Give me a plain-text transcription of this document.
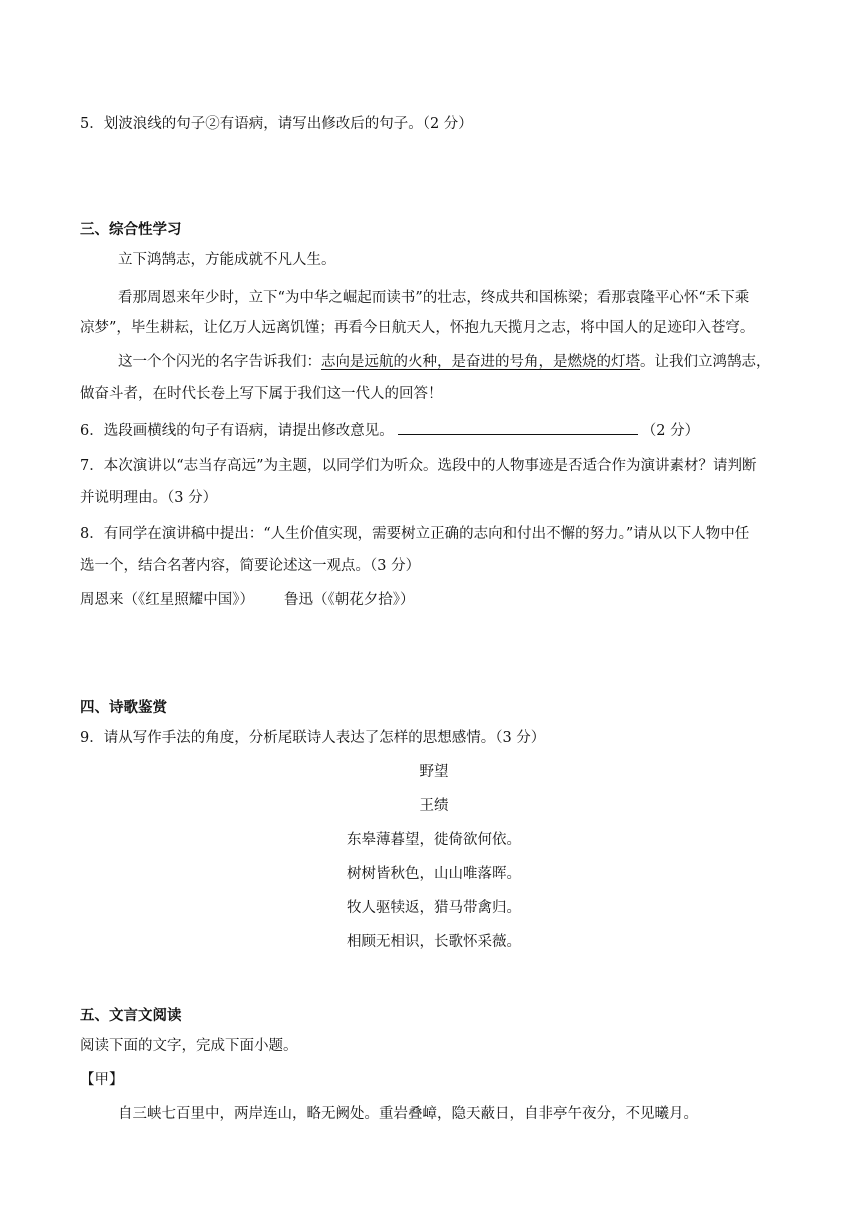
5．划波浪线的句子②有语病，请写出修改后的句子。（2 分）
三、综合性学习
立下鸿鹄志，方能成就不凡人生。
看那周恩来年少时，立下“为中华之崛起而读书”的壮志，终成共和国栋梁；看那袁隆平心怀“禾下乘
凉梦”，毕生耕耘，让亿万人远离饥馑；再看今日航天人，怀抱九天揽月之志，将中国人的足迹印入苍穹。
这一个个闪光的名字告诉我们：志向是远航的火种，是奋进的号角，是燃烧的灯塔。让我们立鸿鹄志，
做奋斗者，在时代长卷上写下属于我们这一代人的回答！
6．选段画横线的句子有语病，请提出修改意见。	（2 分）
7．本次演讲以“志当存高远”为主题，以同学们为听众。选段中的人物事迹是否适合作为演讲素材？请判断
并说明理由。（3 分）
8．有同学在演讲稿中提出：“人生价值实现，需要树立正确的志向和付出不懈的努力。”请从以下人物中任
选一个，结合名著内容，简要论述这一观点。（3 分）
周恩来（《红星照耀中国》） 鲁迅（《朝花夕拾》）
四、诗歌鉴赏
9．请从写作手法的角度，分析尾联诗人表达了怎样的思想感情。（3 分）
野望
王绩
东皋薄暮望，徙倚欲何依。
树树皆秋色，山山唯落晖。
牧人驱犊返，猎马带禽归。
相顾无相识，长歌怀采薇。
五、文言文阅读
阅读下面的文字，完成下面小题。
【甲】
自三峡七百里中，两岸连山，略无阙处。重岩叠嶂，隐天蔽日，自非亭午夜分，不见曦月。
